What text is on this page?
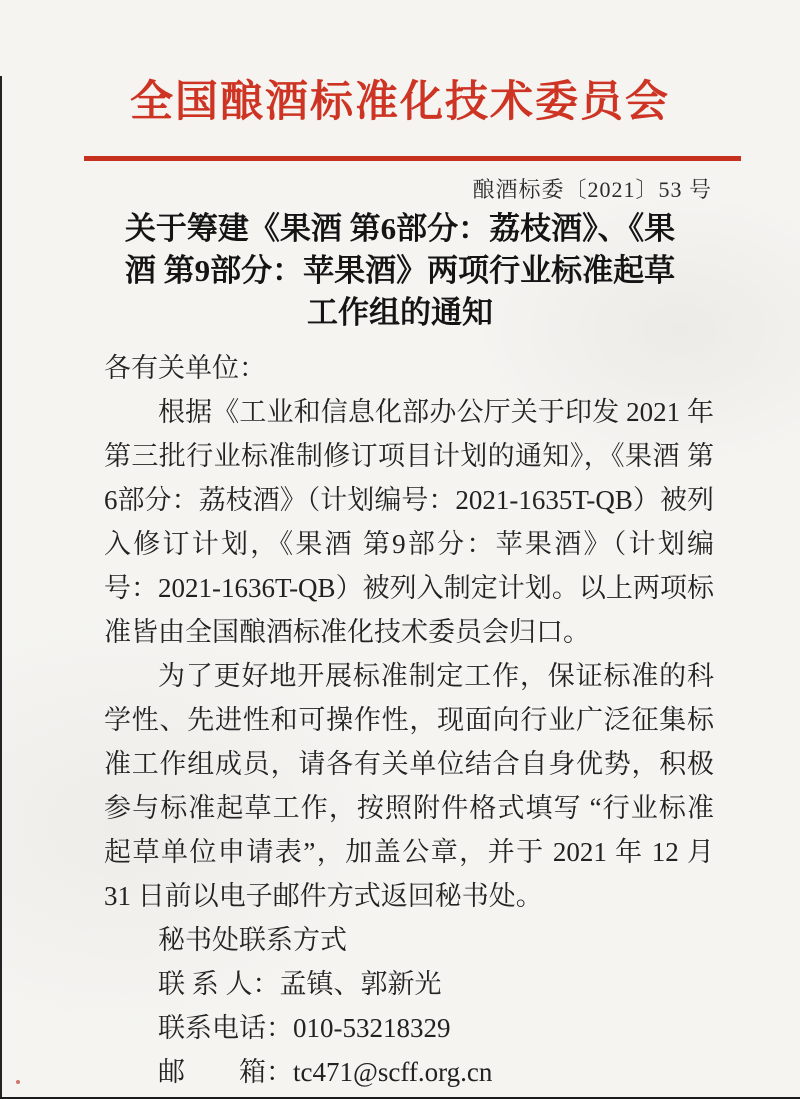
全国酿酒标准化技术委员会
酿酒标委〔2021〕53 号
关于筹建《果酒 第6部分：荔枝酒》、《果
酒 第9部分：苹果酒》两项行业标准起草
工作组的通知
各有关单位：

根据《工业和信息化部办公厅关于印发 2021 年第三批行业标准制修订项目计划的通知》，《果酒 第6部分：荔枝酒》（计划编号：2021-1635T-QB）被列入修订计划，《果酒 第9部分：苹果酒》（计划编号：2021-1636T-QB）被列入制定计划。以上两项标准皆由全国酿酒标准化技术委员会归口。

为了更好地开展标准制定工作，保证标准的科学性、先进性和可操作性，现面向行业广泛征集标准工作组成员，请各有关单位结合自身优势，积极参与标准起草工作，按照附件格式填写 “行业标准起草单位申请表”，加盖公章，并于 2021 年 12 月 31 日前以电子邮件方式返回秘书处。

秘书处联系方式
联 系 人：孟镇、郭新光
联系电话：010-53218329
邮　　箱：tc471@scff.org.cn
